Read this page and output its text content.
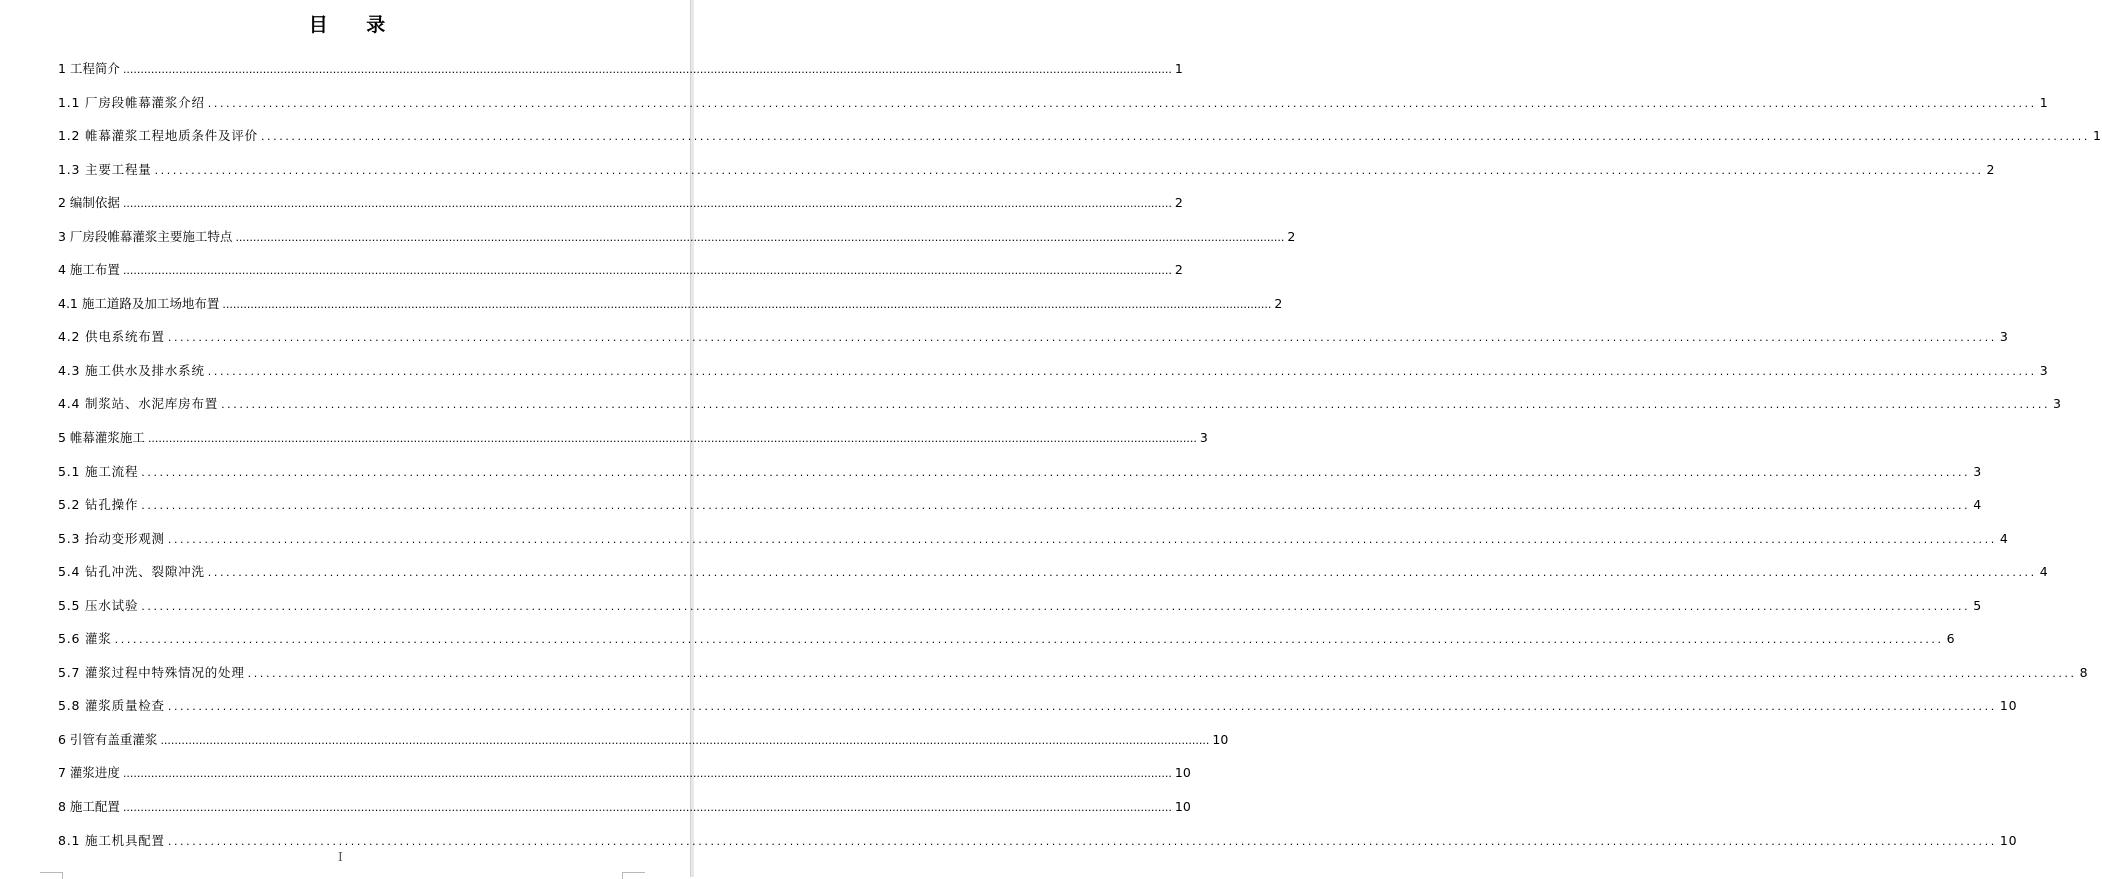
目 录
1 工程简介 ............................................................................................................................................................................................................................................................................................................ 1
1.1 厂房段帷幕灌浆介绍 ............................................................................................................................................................................................................................................................................................................ 1
1.2 帷幕灌浆工程地质条件及评价 ............................................................................................................................................................................................................................................................................................................ 1
1.3 主要工程量 ............................................................................................................................................................................................................................................................................................................ 2
2 编制依据 ............................................................................................................................................................................................................................................................................................................ 2
3 厂房段帷幕灌浆主要施工特点 ............................................................................................................................................................................................................................................................................................................ 2
4 施工布置 ............................................................................................................................................................................................................................................................................................................ 2
4.1 施工道路及加工场地布置 ............................................................................................................................................................................................................................................................................................................ 2
4.2 供电系统布置 ............................................................................................................................................................................................................................................................................................................ 3
4.3 施工供水及排水系统 ............................................................................................................................................................................................................................................................................................................ 3
4.4 制浆站、水泥库房布置 ............................................................................................................................................................................................................................................................................................................ 3
5 帷幕灌浆施工 ............................................................................................................................................................................................................................................................................................................ 3
5.1 施工流程 ............................................................................................................................................................................................................................................................................................................ 3
5.2 钻孔操作 ............................................................................................................................................................................................................................................................................................................ 4
5.3 抬动变形观测 ............................................................................................................................................................................................................................................................................................................ 4
5.4 钻孔冲洗、裂隙冲洗 ............................................................................................................................................................................................................................................................................................................ 4
5.5 压水试验 ............................................................................................................................................................................................................................................................................................................ 5
5.6 灌浆 ............................................................................................................................................................................................................................................................................................................ 6
5.7 灌浆过程中特殊情况的处理 ............................................................................................................................................................................................................................................................................................................ 8
5.8 灌浆质量检查 ............................................................................................................................................................................................................................................................................................................ 10
6 引管有盖重灌浆 ............................................................................................................................................................................................................................................................................................................ 10
7 灌浆进度 ............................................................................................................................................................................................................................................................................................................ 10
8 施工配置 ............................................................................................................................................................................................................................................................................................................ 10
8.1 施工机具配置 ............................................................................................................................................................................................................................................................................................................ 10
I
